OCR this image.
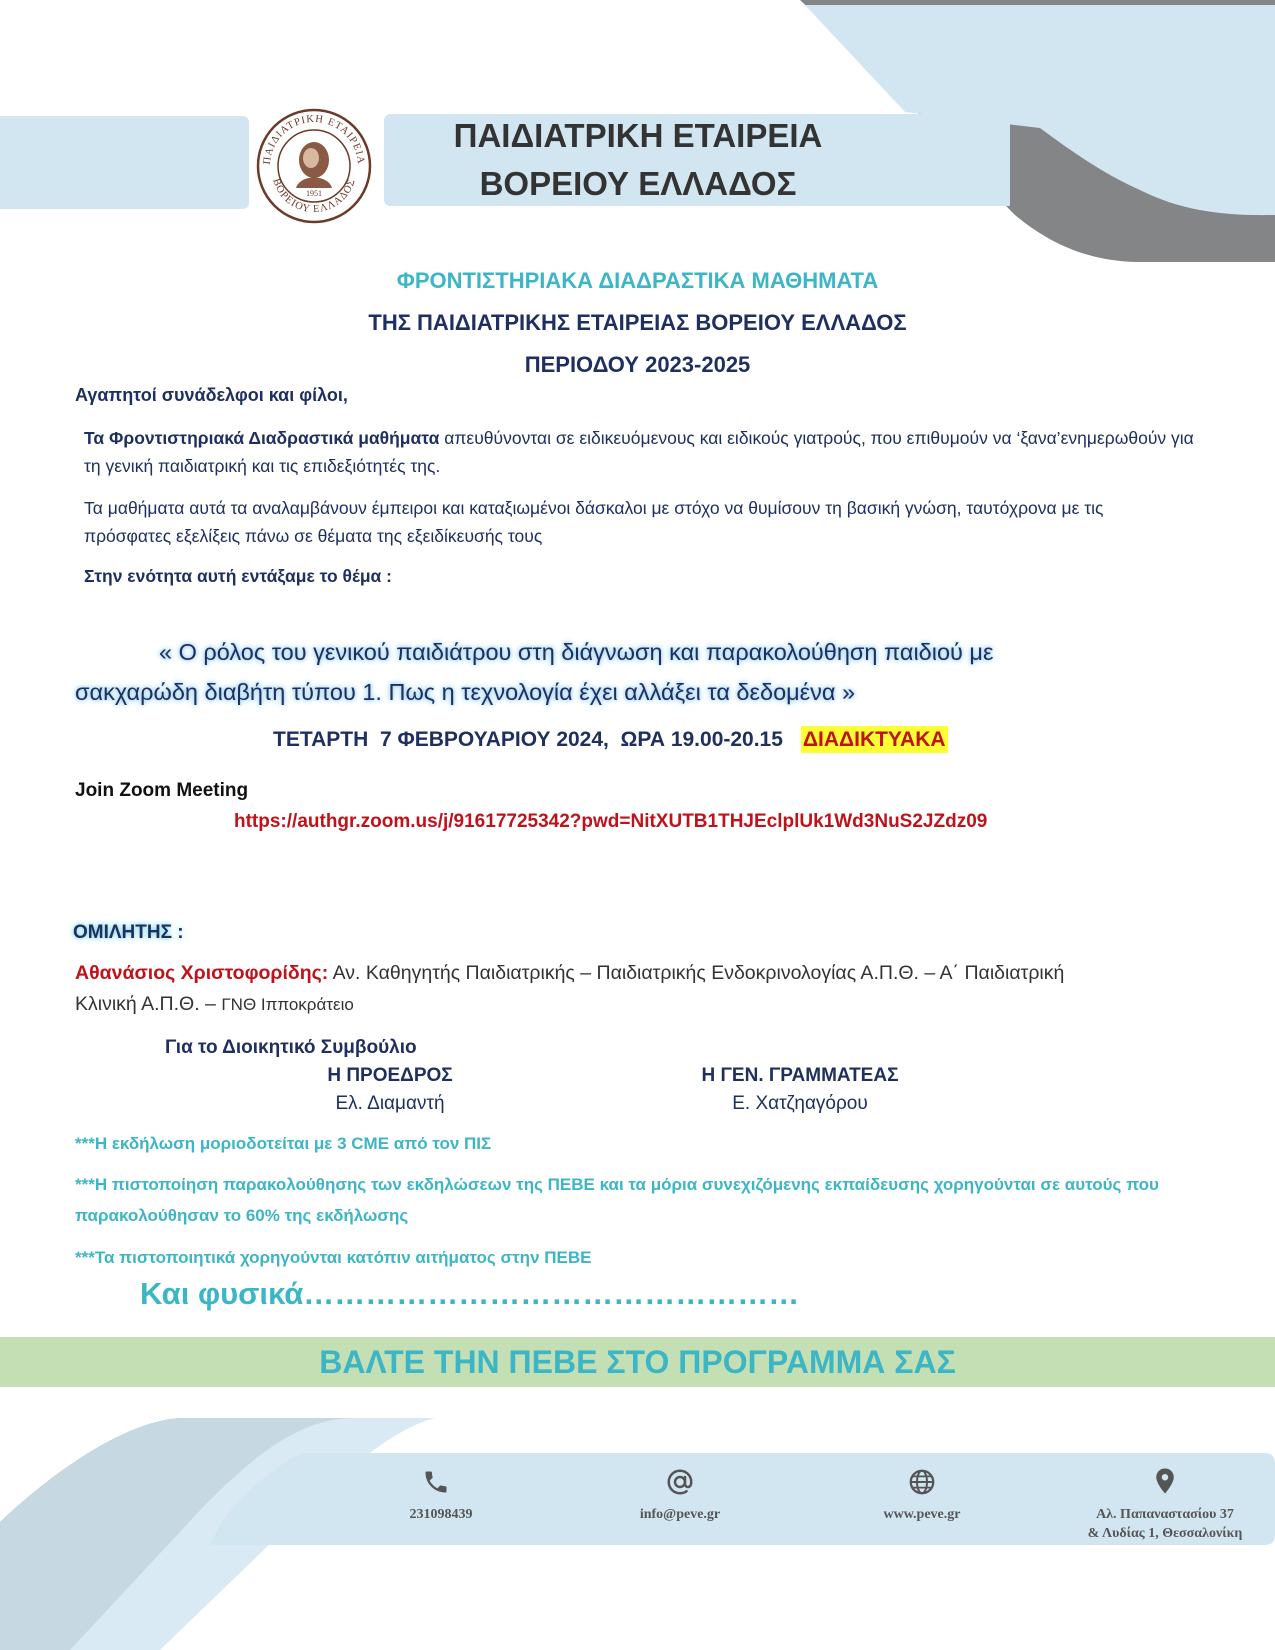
ΠΑΙΔΙΑΤΡΙΚΗ ΕΤΑΙΡΕΙΑ
ΒΟΡΕΙΟΥ ΕΛΛΑΔΟΣ
1951
ΠΑΙΔΙΑΤΡΙΚΗ ΕΤΑΙΡΕΙΑ
ΒΟΡΕΙΟΥ ΕΛΛΑΔΟΣ
ΦΡΟΝΤΙΣΤΗΡΙΑΚΑ ΔΙΑΔΡΑΣΤΙΚΑ ΜΑΘΗΜΑΤΑ
ΤΗΣ ΠΑΙΔΙΑΤΡΙΚΗΣ ΕΤΑΙΡΕΙΑΣ ΒΟΡΕΙΟΥ ΕΛΛΑΔΟΣ
ΠΕΡΙΟΔΟΥ 2023-2025
Αγαπητοί συνάδελφοι και φίλοι,
Τα Φροντιστηριακά Διαδραστικά μαθήματα απευθύνονται σε ειδικευόμενους και ειδικούς γιατρούς, που επιθυμούν να ‘ξανα’ενημερωθούν για τη γενική παιδιατρική και τις επιδεξιότητές της.
Τα μαθήματα αυτά τα αναλαμβάνουν έμπειροι και καταξιωμένοι δάσκαλοι με στόχο να θυμίσουν τη βασική γνώση, ταυτόχρονα με τις πρόσφατες εξελίξεις πάνω σε θέματα της εξειδίκευσής τους
Στην ενότητα αυτή εντάξαμε το θέμα :
« Ο ρόλος του γενικού παιδιάτρου στη διάγνωση και παρακολούθηση παιδιού με
σακχαρώδη διαβήτη τύπου 1. Πως η τεχνολογία έχει αλλάξει τα δεδομένα »
ΤΕΤΑΡΤΗ  7 ΦΕΒΡΟΥΑΡΙΟΥ 2024,  ΩΡΑ 19.00-20.15 ΔΙΑΔΙΚΤΥΑΚΑ
Join Zoom Meeting
https://authgr.zoom.us/j/91617725342?pwd=NitXUTB1THJEclplUk1Wd3NuS2JZdz09
ΟΜΙΛΗΤΗΣ :
Αθανάσιος Χριστοφορίδης: Αν. Καθηγητής Παιδιατρικής – Παιδιατρικής Ενδοκρινολογίας Α.Π.Θ. – Α΄ Παιδιατρική
Κλινική Α.Π.Θ. – ΓΝΘ Ιπποκράτειο
Για το Διοικητικό Συμβούλιο
Η ΠΡΟΕΔΡΟΣ
Ελ. Διαμαντή
Η ΓΕΝ. ΓΡΑΜΜΑΤΕΑΣ
Ε. Χατζηαγόρου
***Η εκδήλωση μοριοδοτείται με 3 CME από τον ΠΙΣ
***Η πιστοποίηση παρακολούθησης των εκδηλώσεων της ΠΕΒΕ και τα μόρια συνεχιζόμενης εκπαίδευσης χορηγούνται σε αυτούς που παρακολούθησαν το 60% της εκδήλωσης
***Τα πιστοποιητικά χορηγούνται κατόπιν αιτήματος στην ΠΕΒΕ
Και φυσικά…………………………………………
ΒΑΛΤΕ ΤΗΝ ΠΕΒΕ ΣΤΟ ΠΡΟΓΡΑΜΜΑ ΣΑΣ
231098439	info@peve.gr	www.peve.gr	Αλ. Παπαναστασίου 37
& Λυδίας 1, Θεσσαλονίκη
